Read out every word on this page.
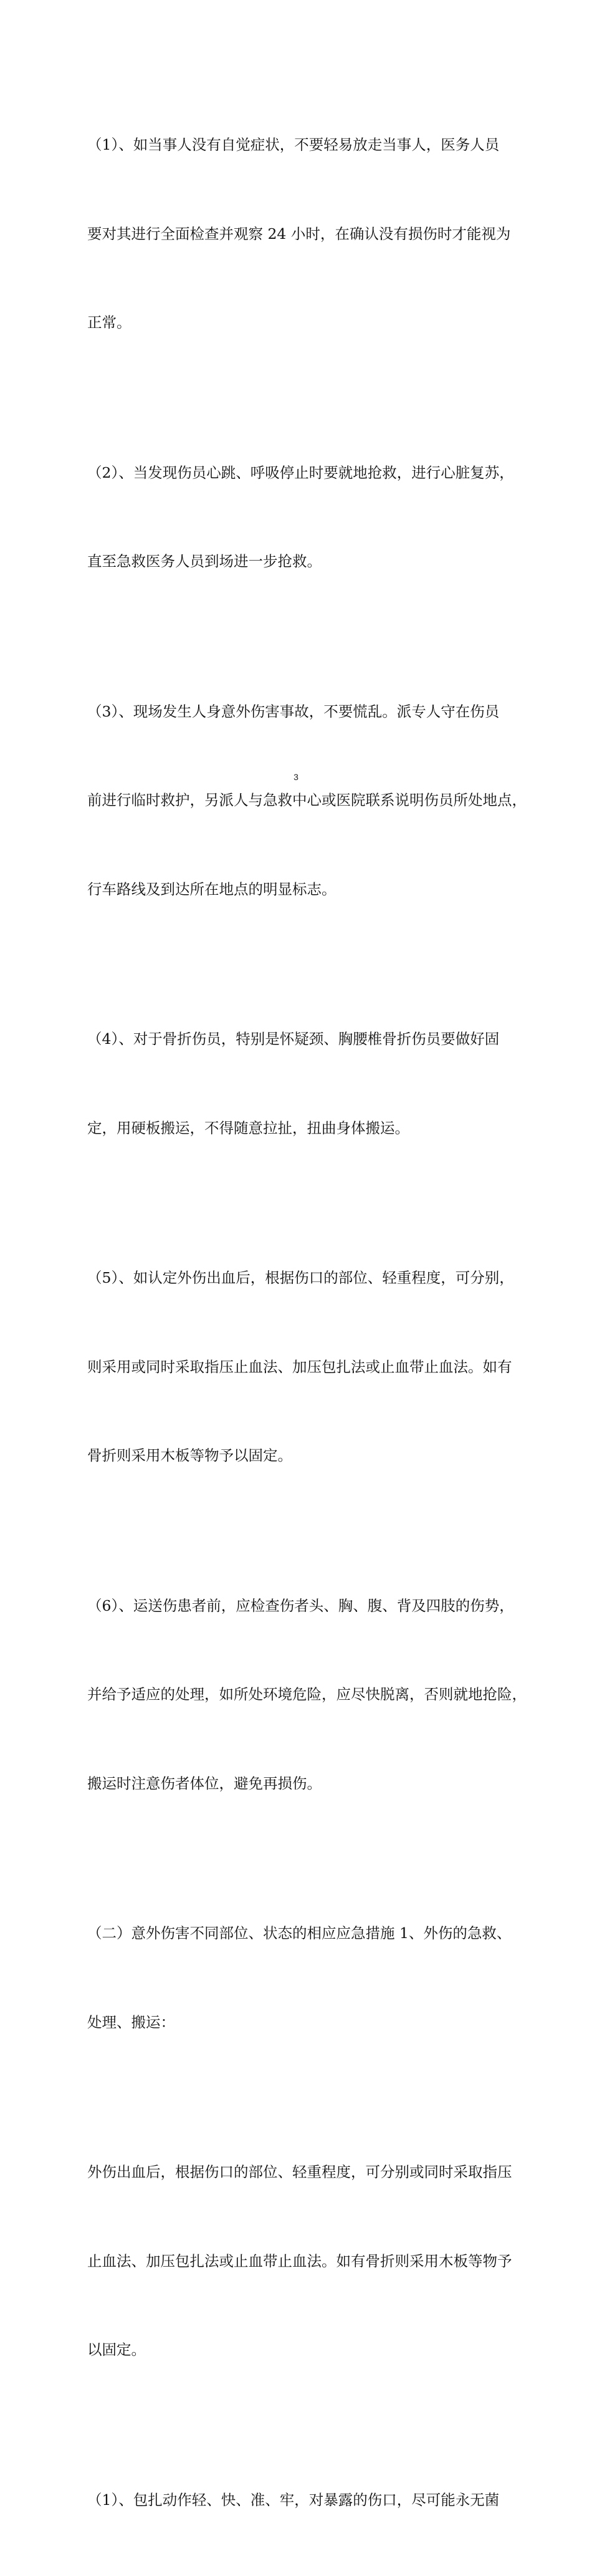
（1）、如当事人没有自觉症状，不要轻易放走当事人，医务人员

要对其进行全面检查并观察 24 小时，在确认没有损伤时才能视为

正常。

（2）、当发现伤员心跳、呼吸停止时要就地抢救，进行心脏复苏，

直至急救医务人员到场进一步抢救。

（3）、现场发生人身意外伤害事故，不要慌乱。派专人守在伤员

前进行临时救护，另派人与急救中心或医院联系说明伤员所处地点，

行车路线及到达所在地点的明显标志。

（4）、对于骨折伤员，特别是怀疑颈、胸腰椎骨折伤员要做好固

定，用硬板搬运，不得随意拉扯，扭曲身体搬运。

（5）、如认定外伤出血后，根据伤口的部位、轻重程度，可分别，

则采用或同时采取指压止血法、加压包扎法或止血带止血法。如有

骨折则采用木板等物予以固定。

（6）、运送伤患者前，应检查伤者头、胸、腹、背及四肢的伤势，

并给予适应的处理，如所处环境危险，应尽快脱离，否则就地抢险，

搬运时注意伤者体位，避免再损伤。

（二）意外伤害不同部位、状态的相应应急措施 1、外伤的急救、

处理、搬运：

外伤出血后，根据伤口的部位、轻重程度，可分别或同时采取指压

止血法、加压包扎法或止血带止血法。如有骨折则采用木板等物予

以固定。

（1）、包扎动作轻、快、准、牢，对暴露的伤口，尽可能永无菌

3
